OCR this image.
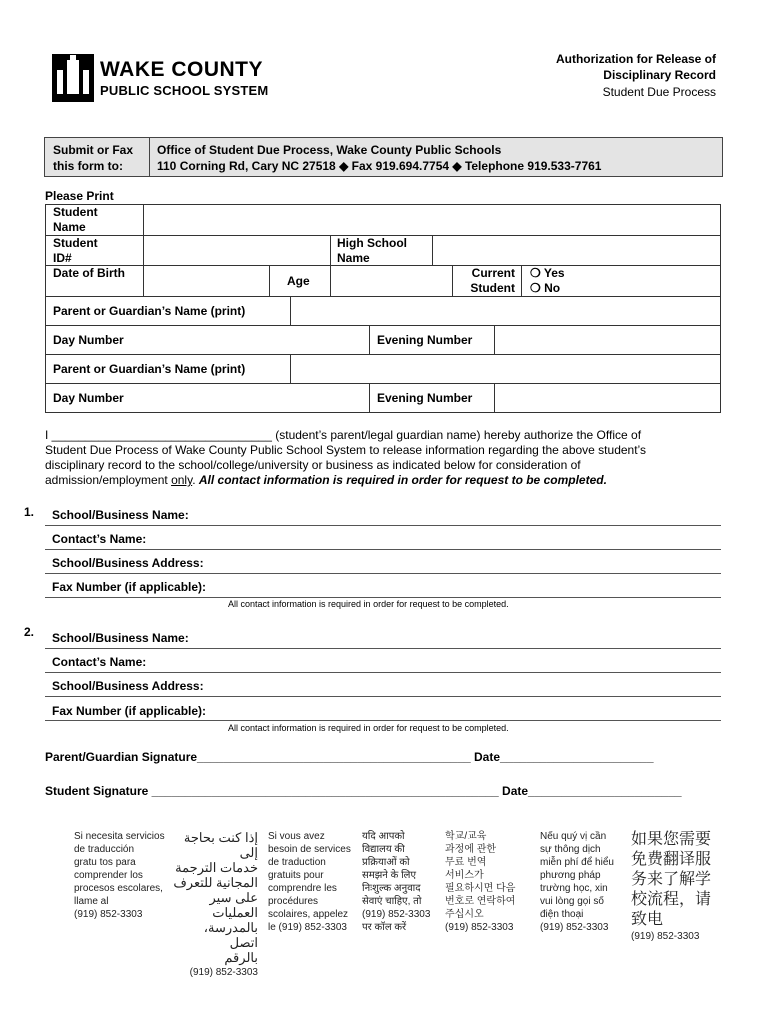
WAKE COUNTY
PUBLIC SCHOOL SYSTEM
Authorization for Release of
Disciplinary Record
Student Due Process
Submit or Fax
this form to:
Office of Student Due Process, Wake County Public Schools
110 Corning Rd, Cary NC 27518 ◆ Fax 919.694.7754 ◆ Telephone 919.533-7761
Please Print
Student Name
Student ID#
High School Name
Date of Birth
Age
Current Student
❍ Yes
❍ No
Parent or Guardian’s Name (print)
Day Number	Evening Number
Parent or Guardian’s Name (print)
Day Number	Evening Number
I _________________________________ (student’s parent/legal guardian name) hereby authorize the Office of
Student Due Process of Wake County Public School System to release information regarding the above student’s
disciplinary record to the school/college/university or business as indicated below for consideration of
admission/employment only. All contact information is required in order for request to be completed.
1. School/Business Name:
Contact’s Name:
School/Business Address:
Fax Number (if applicable):
All contact information is required in order for request to be completed.
2. School/Business Name:
Contact’s Name:
School/Business Address:
Fax Number (if applicable):
All contact information is required in order for request to be completed.
Parent/Guardian Signature_________________________________________ Date_______________________
Student Signature ____________________________________________________ Date_______________________
Si necesita servicios
de traducción
gratu tos para
comprender los
procesos escolares,
llame al
(919) 852-3303
إذا كنت بحاجة إلى
خدمات الترجمة
المجانية للتعرف
على سير العمليات
بالمدرسة، اتصل
بالرقم
(919) 852-3303
Si vous avez
besoin de services
de traduction
gratuits pour
comprendre les
procédures
scolaires, appelez
le (919) 852-3303
यदि आपको
विद्यालय की
प्रक्रियाओं को
समझने के लिए
निःशुल्क अनुवाद
सेवाएं चाहिए, तो
(919) 852-3303
पर कॉल करें
학교/교육
과정에 관한
무료 번역
서비스가
필요하시면 다음
번호로 연락하여
주십시오
(919) 852-3303
Nếu quý vị cần
sự thông dịch
miễn phí để hiểu
phương pháp
trường học, xin
vui lòng gọi số
điện thoại
(919) 852-3303
如果您需要
免费翻译服
务来了解学
校流程，请
致电
(919) 852-3303
